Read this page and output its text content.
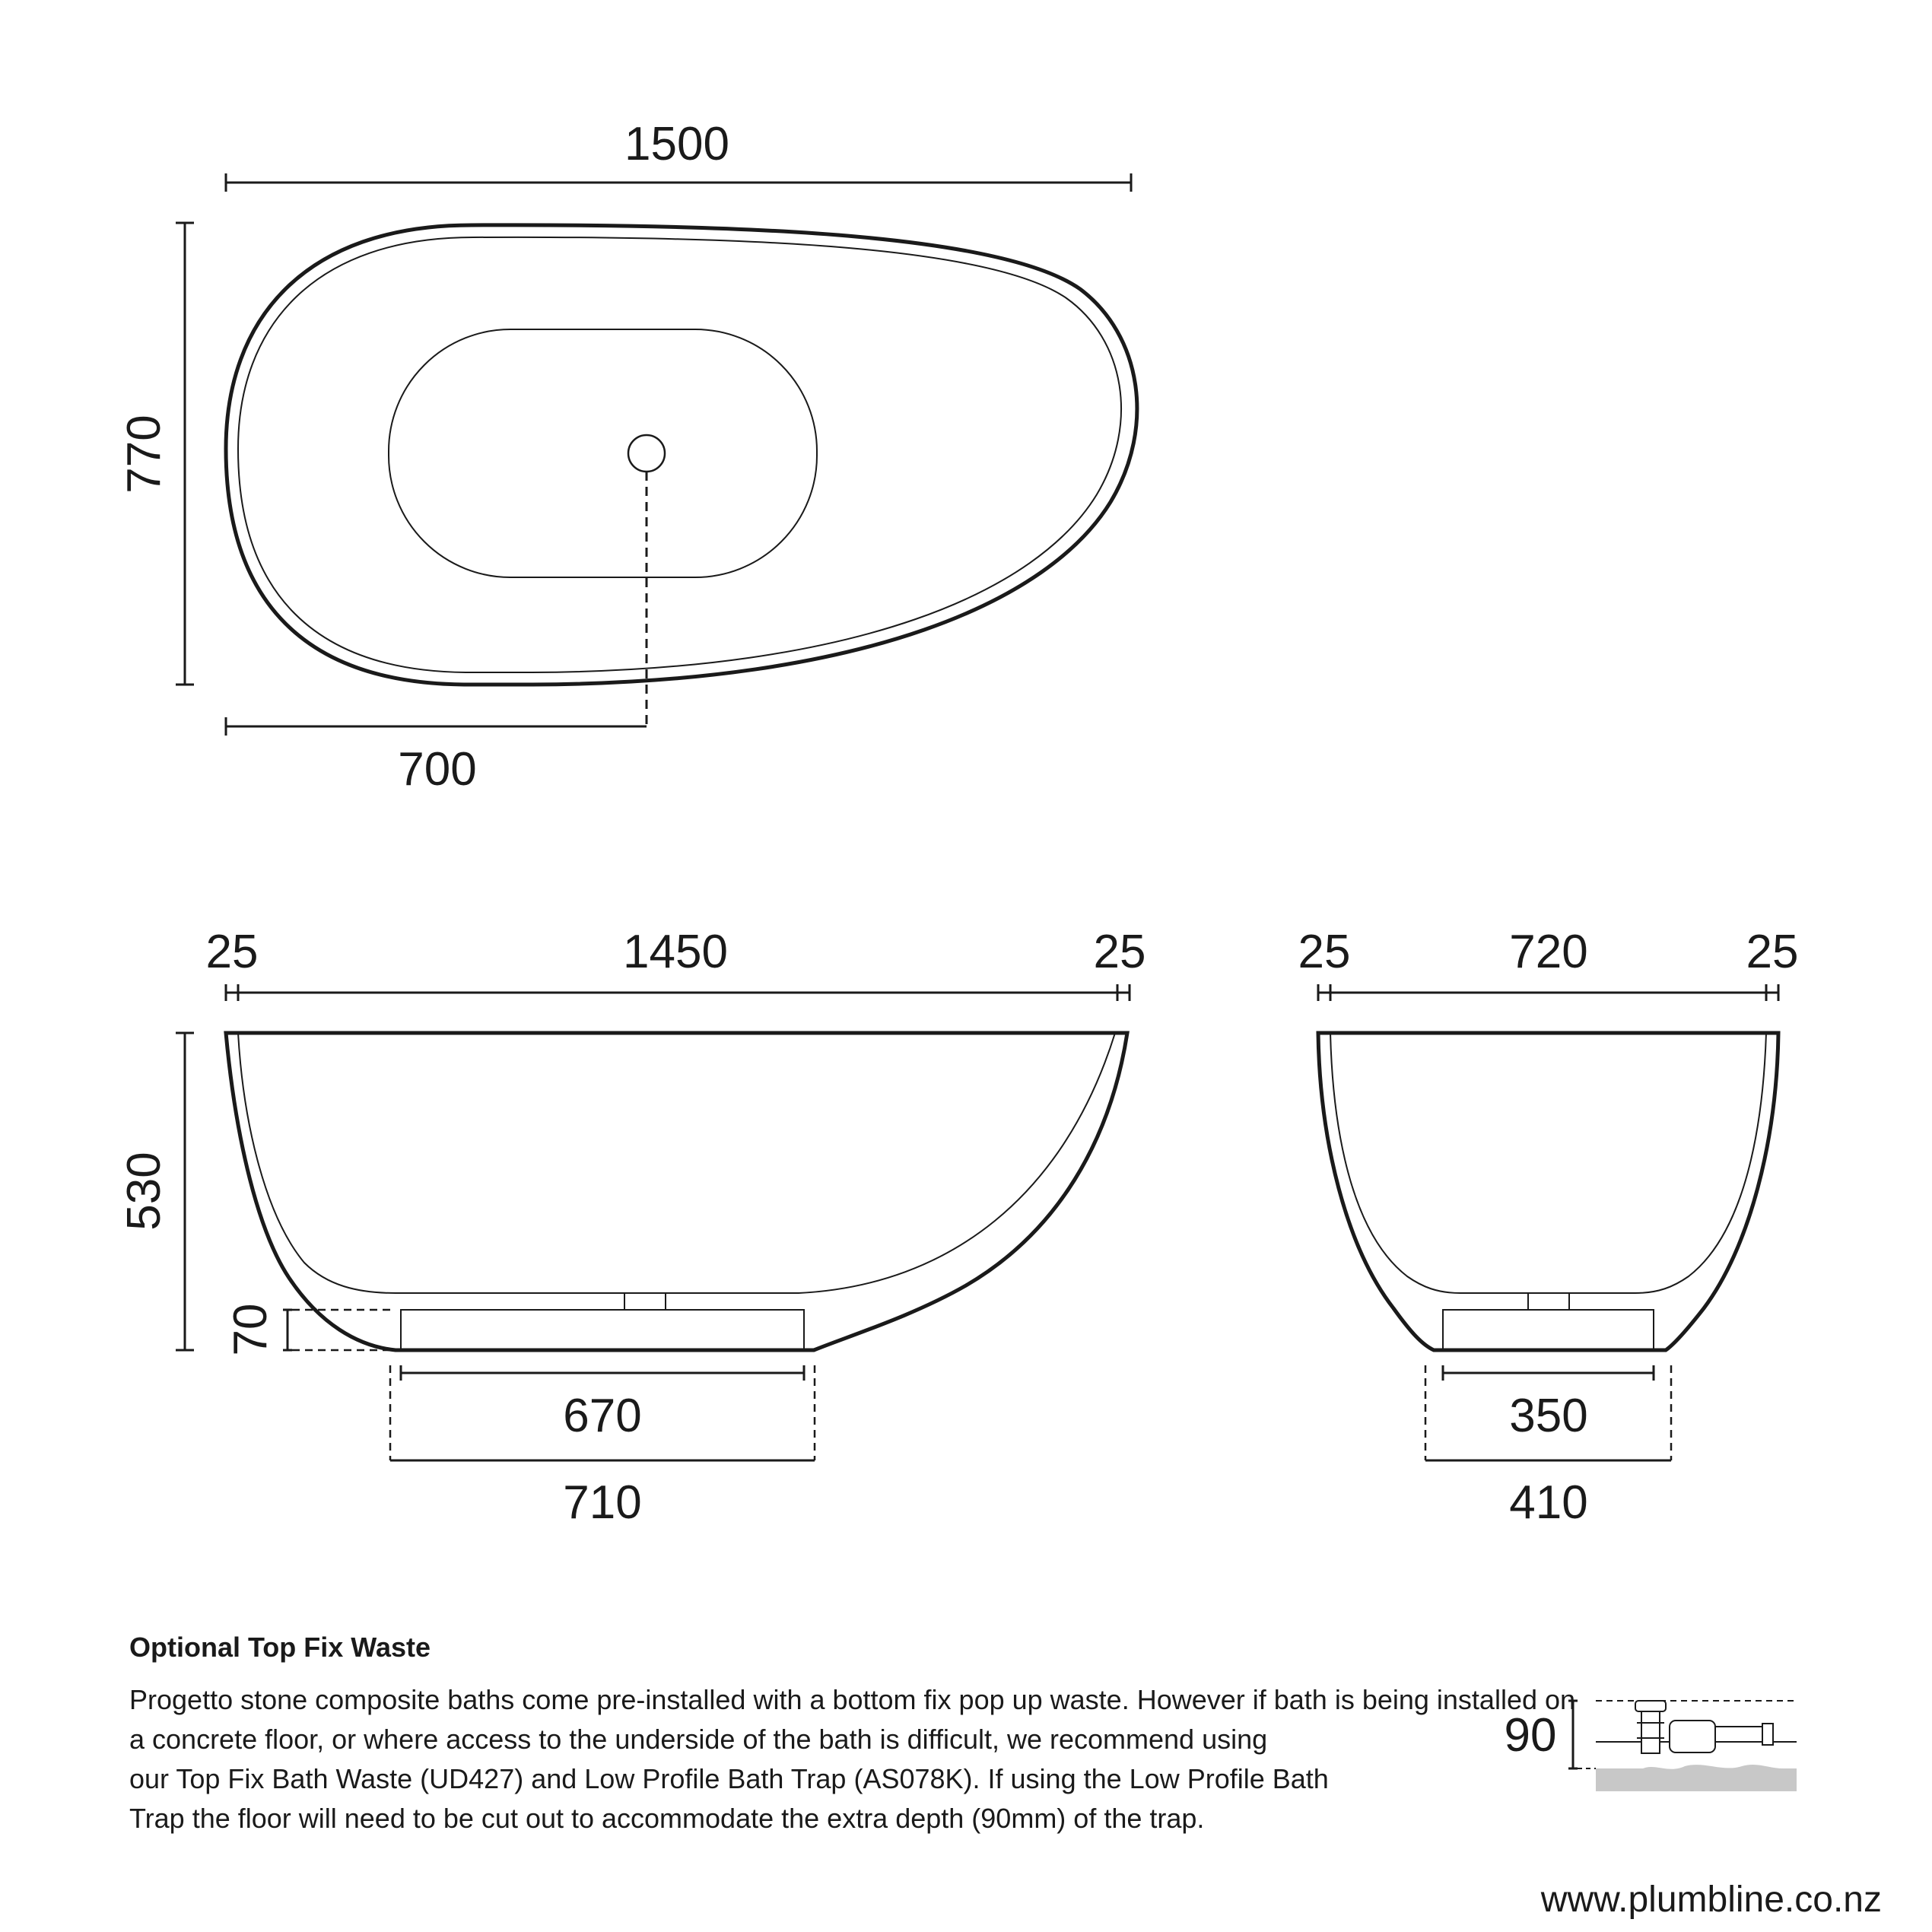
1500
770
700
25	1450	25
530
70
670
710
25	720	25
350
410
90

Optional Top Fix Waste

Progetto stone composite baths come pre-installed with a bottom fix pop up waste. However if bath is being installed on

a concrete floor, or where access to the underside of the bath is difficult, we recommend using

our Top Fix Bath Waste (UD427) and Low Profile Bath Trap (AS078K). If using the Low Profile Bath

Trap the floor will need to be cut out to accommodate the extra depth (90mm) of the trap.

www.plumbline.co.nz
